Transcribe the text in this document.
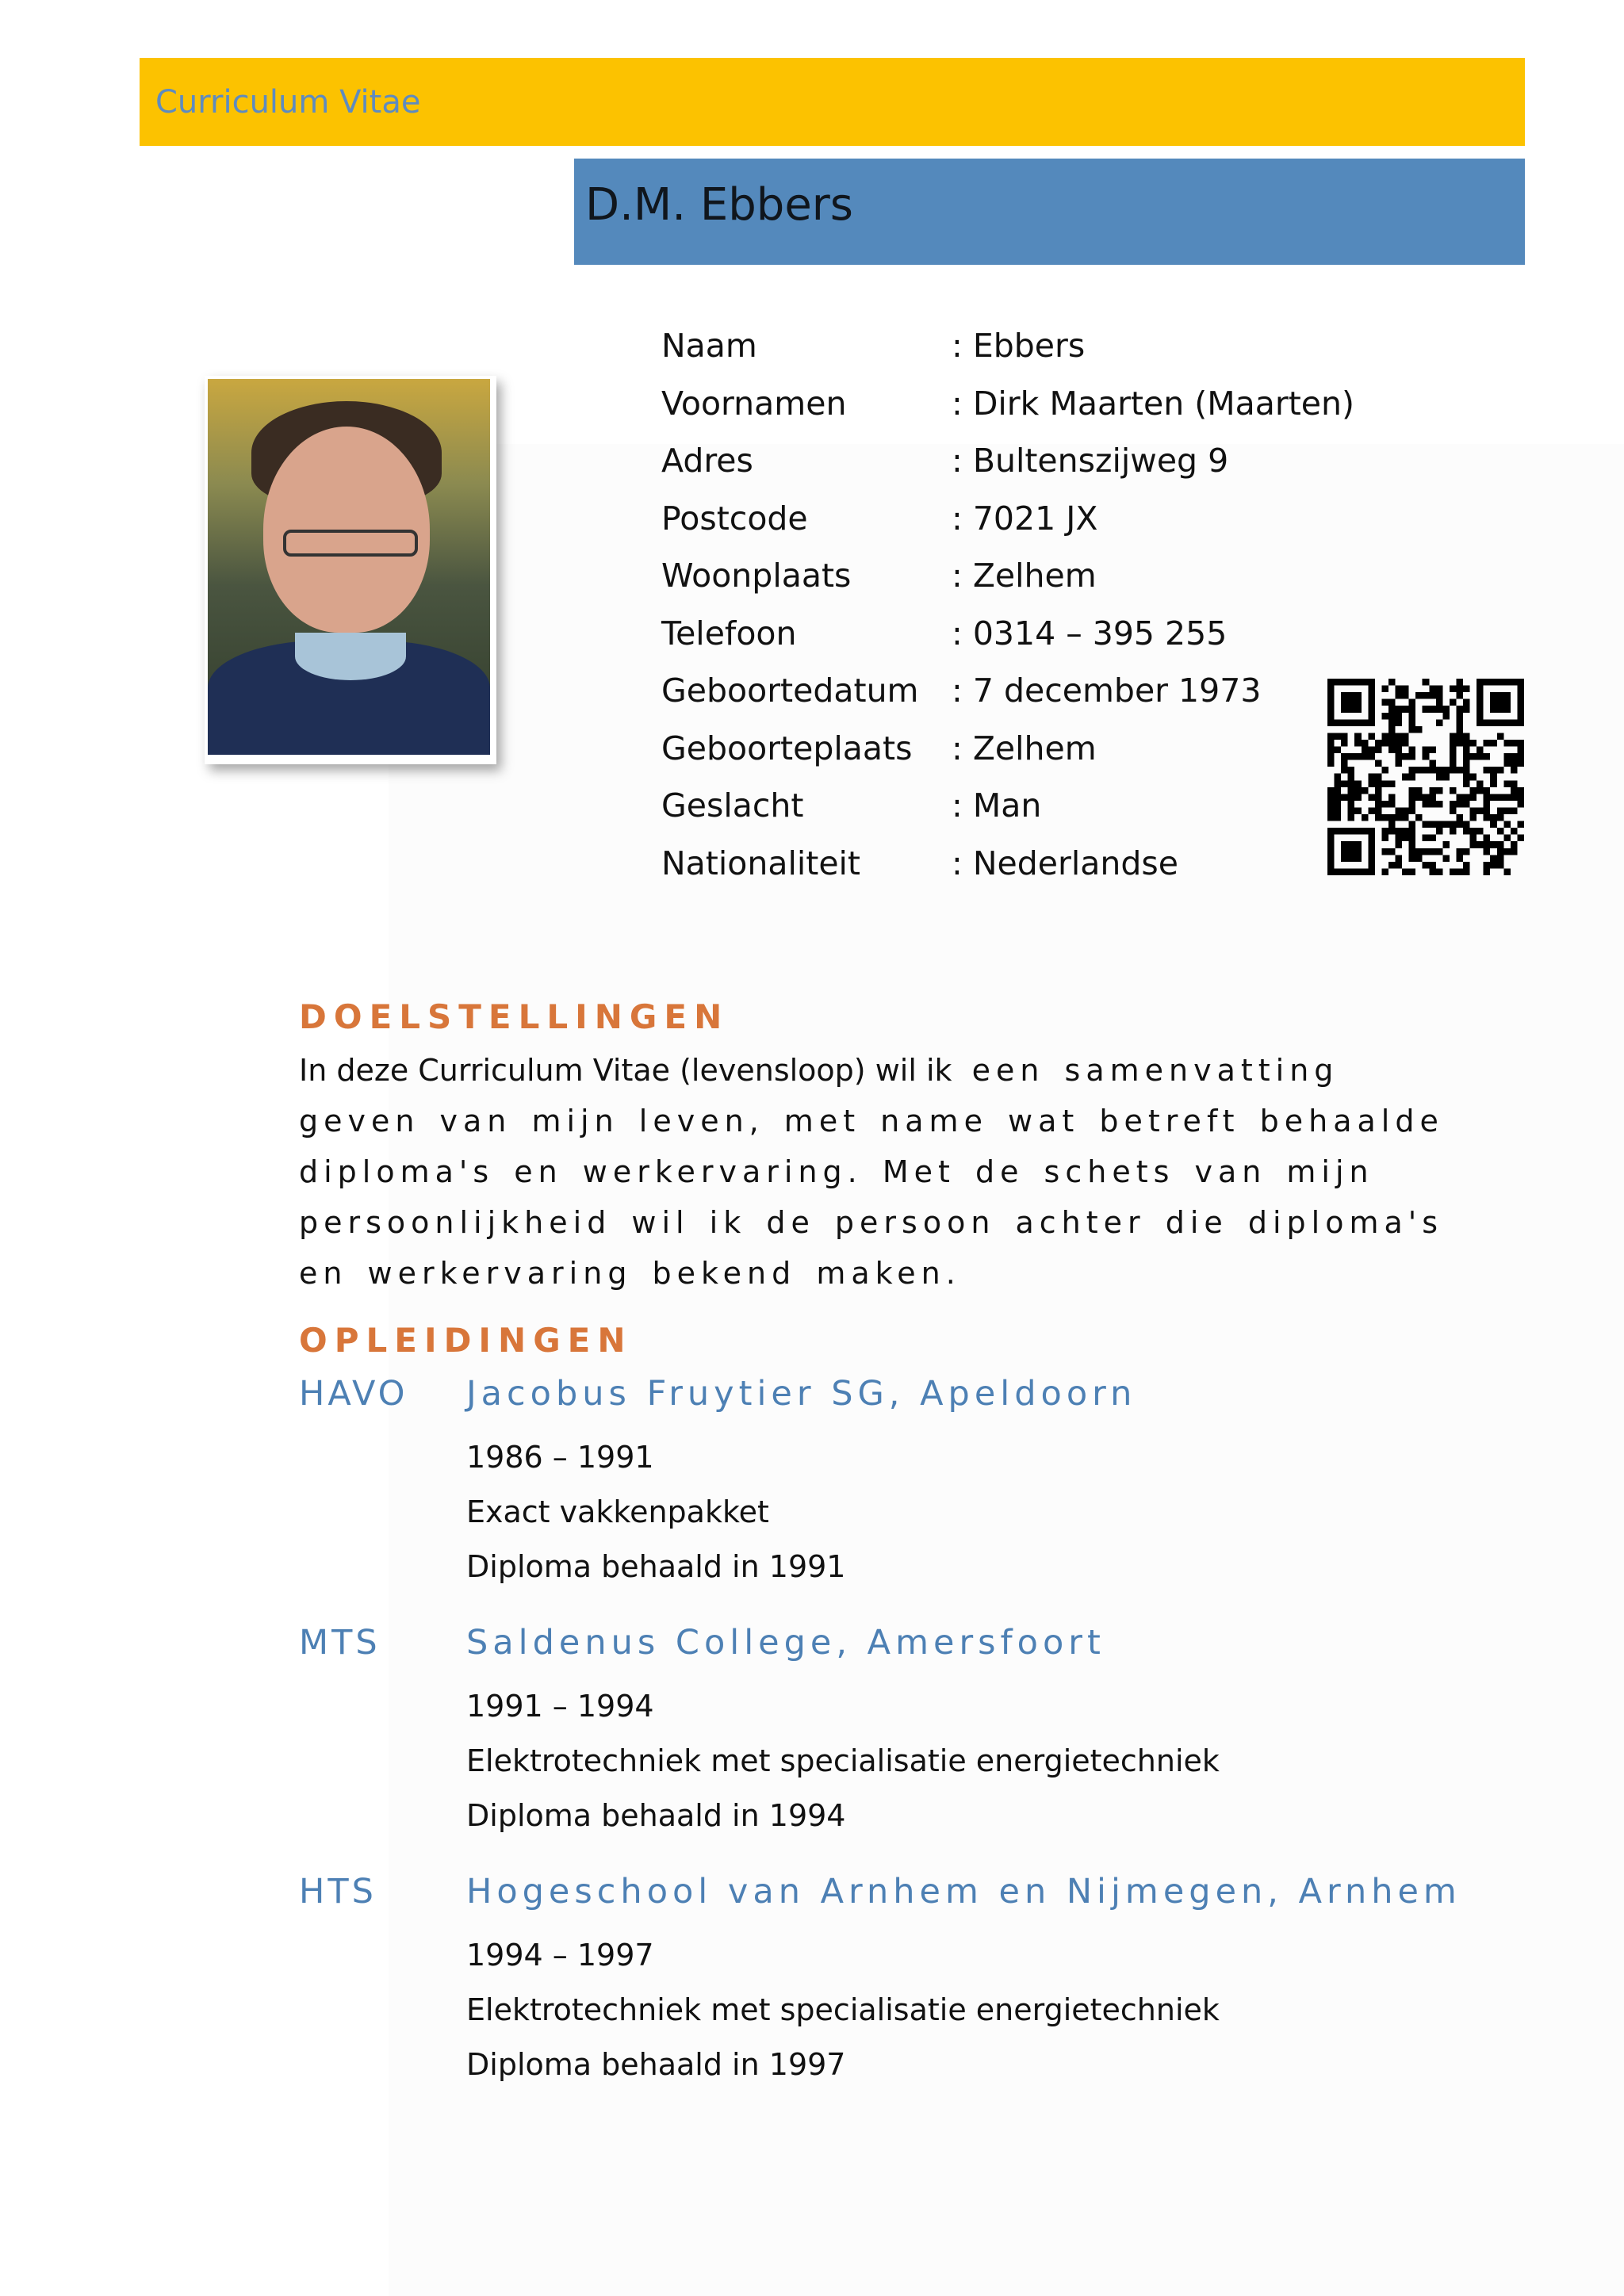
Curriculum Vitae
D.M. Ebbers
Naam	: Ebbers
Voornamen	: Dirk Maarten (Maarten)
Adres	: Bultenszijweg 9
Postcode	: 7021 JX
Woonplaats	: Zelhem
Telefoon	: 0314 – 395 255
Geboortedatum : 7 december 1973
Geboorteplaats : Zelhem
Geslacht	: Man
Nationaliteit	: Nederlandse
DOELSTELLINGEN
In deze Curriculum Vitae (levensloop) wil ik een samenvatting geven van mijn leven, met name wat betreft behaalde diploma's en werkervaring. Met de schets van mijn persoonlijkheid wil ik de persoon achter die diploma's en werkervaring bekend maken.
OPLEIDINGEN
HAVO Jacobus Fruytier SG, Apeldoorn
1986 – 1991
Exact vakkenpakket
Diploma behaald in 1991
MTS	Saldenus College, Amersfoort
1991 – 1994
Elektrotechniek met specialisatie energietechniek
Diploma behaald in 1994
HTS	Hogeschool van Arnhem en Nijmegen, Arnhem
1994 – 1997
Elektrotechniek met specialisatie energietechniek
Diploma behaald in 1997
